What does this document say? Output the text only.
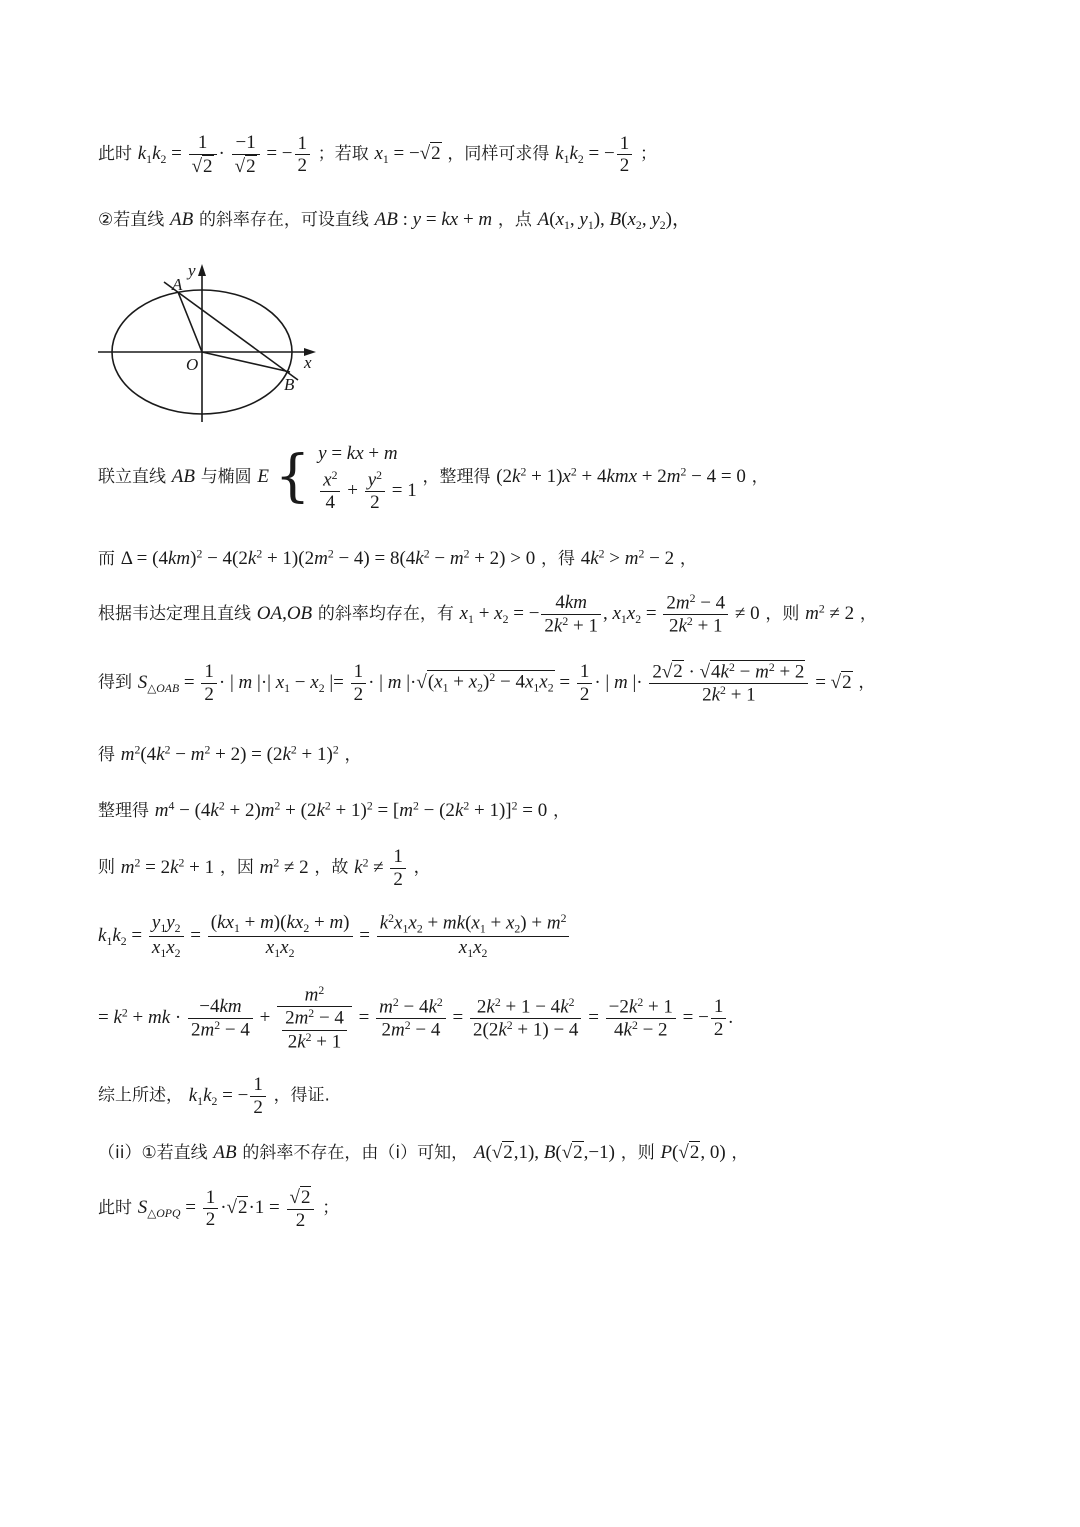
此时 $k_1k_2 = \frac{1}{√2} \cdot \frac{-1}{√2}$ = − $\frac{1}{2}$ ；若取 $x_1 = -√2$ ，同样可求得 $k_1k_2$ = − $\frac{1}{2}$ ；
②若直线 AB 的斜率存在，可设直线 AB : y = kx + m ，点 $A(x_1$, $y_1$), $B(x_2$, $y_2$)，
y
x
A
B
O
联立直线 AB 与椭圆 E { y = kx + m
$\frac{x^2}{4} + \frac{y^2}{2} = 1$
，整理得 $(2k^2 + 1)x^2 + 4kmx + 2m^2 - 4 = 0$ ，
而 $\Delta = (4km)^2 - 4(2k^2 + 1)(2m^2 - 4) = 8(4k^2 - m^2 + 2) > 0$ ，得 $4k^2 > m^2 - 2$ ，
根据韦达定理且直线 OA,OB 的斜率均存在，有 $x_1 + x_2$ = − $\frac{4km}{2k^2 + 1}$ , $x_1x_2 = \frac{2m^2 - 4}{2k^2 + 1} \ne 0$ ，则 $m^2 \ne 2$ ，
得到 $S_{\triangle OAB} = \frac{1}{2}$ · | m |·| $x_1 - x_2$ |= $\frac{1}{2}$ · | m $|\cdot√(x_1 + x_2)^2 - 4x_1x_2 = \frac{1}{2}$ · | m |· $\frac{2√2 \cdot √4k^2 - m^2 + 2}{2k^2 + 1} = √2$ ，
得 $m^2(4k^2 - m^2 + 2) = (2k^2 + 1)^2$ ，
整理得 $m^4 - (4k^2 + 2)m^2 + (2k^2 + 1)^2 = [m^2 - (2k^2 + 1)]^2 = 0$ ，
则 $m^2 = 2k^2 + 1$ ，因 $m^2 \ne 2$ ，故 $k^2 \ne \frac{1}{2}$ ，
$k_1k_2 = \frac{y_1y_2}{x_1x_2} = \frac{(kx_1 + m)(kx_2 + m)}{x_1x_2} = \frac{k^2x_1x_2 + mk(x_1 + x_2) + m^2}{x_1x_2}$
= $k^2$ + mk · $\frac{-4km}{2m^2 - 4} + \frac{m^2}{\frac{2m^2 - 4}{2k^2 + 1}} = \frac{m^2 - 4k^2}{2m^2 - 4} = \frac{2k^2 + 1 - 4k^2}{2(2k^2 + 1) - 4} = \frac{-2k^2 + 1}{4k^2 - 2}$ = − $\frac{1}{2}$ .
综上所述， $k_1k_2$ = − $\frac{1}{2}$ ，得证.
（ii）①若直线 AB 的斜率不存在，由（i）可知， A(√2,1), B(√2,−1) ，则 P(√2, 0) ，
此时 $S_{\triangle OPQ} = \frac{1}{2} \cdot√2\cdot 1 = \frac{√2}{2}$ ；
